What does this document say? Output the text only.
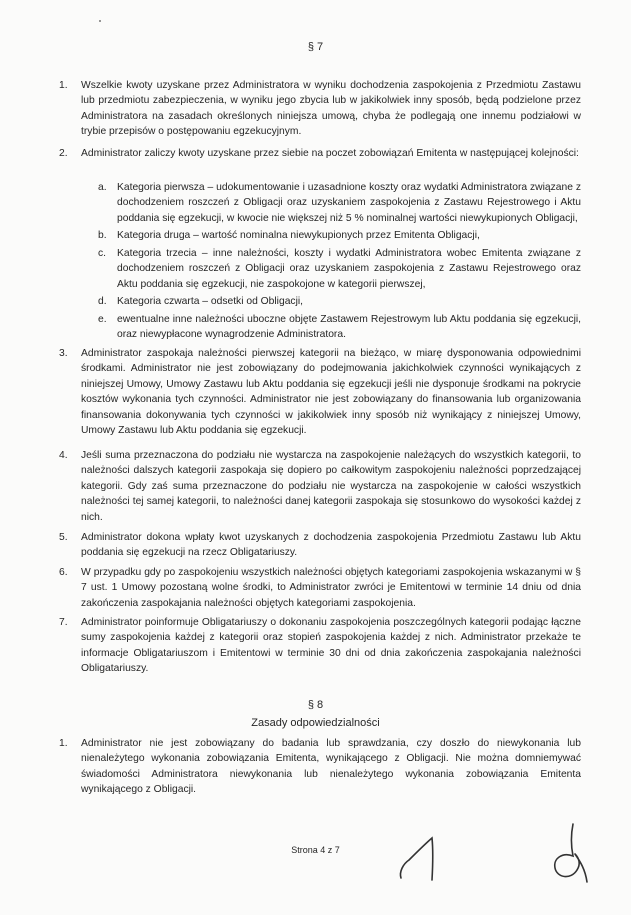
§ 7
1. Wszelkie kwoty uzyskane przez Administratora w wyniku dochodzenia zaspokojenia z Przedmiotu Zastawu lub przedmiotu zabezpieczenia, w wyniku jego zbycia lub w jakikolwiek inny sposób, będą podzielone przez Administratora na zasadach określonych niniejsza umową, chyba że podlegają one innemu podziałowi w trybie przepisów o postępowaniu egzekucyjnym.
2. Administrator zaliczy kwoty uzyskane przez siebie na poczet zobowiązań Emitenta w następującej kolejności:
a. Kategoria pierwsza – udokumentowanie i uzasadnione koszty oraz wydatki Administratora związane z dochodzeniem roszczeń z Obligacji oraz uzyskaniem zaspokojenia z Zastawu Rejestrowego i Aktu poddania się egzekucji, w kwocie nie większej niż 5 % nominalnej wartości niewykupionych Obligacji,
b. Kategoria druga – wartość nominalna niewykupionych przez Emitenta Obligacji,
c. Kategoria trzecia – inne należności, koszty i wydatki Administratora wobec Emitenta związane z dochodzeniem roszczeń z Obligacji oraz uzyskaniem zaspokojenia z Zastawu Rejestrowego oraz Aktu poddania się egzekucji, nie zaspokojone w kategorii pierwszej,
d. Kategoria czwarta – odsetki od Obligacji,
e. ewentualne inne należności uboczne objęte Zastawem Rejestrowym lub Aktu poddania się egzekucji, oraz niewypłacone wynagrodzenie Administratora.
3. Administrator zaspokaja należności pierwszej kategorii na bieżąco, w miarę dysponowania odpowiednimi środkami. Administrator nie jest zobowiązany do podejmowania jakichkolwiek czynności wynikających z niniejszej Umowy, Umowy Zastawu lub Aktu poddania się egzekucji jeśli nie dysponuje środkami na pokrycie kosztów wykonania tych czynności. Administrator nie jest zobowiązany do finansowania lub organizowania finansowania dokonywania tych czynności w jakikolwiek inny sposób niż wynikający z niniejszej Umowy, Umowy Zastawu lub Aktu poddania się egzekucji.
4. Jeśli suma przeznaczona do podziału nie wystarcza na zaspokojenie należących do wszystkich kategorii, to należności dalszych kategorii zaspokaja się dopiero po całkowitym zaspokojeniu należności poprzedzającej kategorii. Gdy zaś suma przeznaczone do podziału nie wystarcza na zaspokojenie w całości wszystkich należności tej samej kategorii, to należności danej kategorii zaspokaja się stosunkowo do wysokości każdej z nich.
5. Administrator dokona wpłaty kwot uzyskanych z dochodzenia zaspokojenia Przedmiotu Zastawu lub Aktu poddania się egzekucji na rzecz Obligatariuszy.
6. W przypadku gdy po zaspokojeniu wszystkich należności objętych kategoriami zaspokojenia wskazanymi w § 7 ust. 1 Umowy pozostaną wolne środki, to Administrator zwróci je Emitentowi w terminie 14 dniu od dnia zakończenia zaspokajania należności objętych kategoriami zaspokojenia.
7. Administrator poinformuje Obligatariuszy o dokonaniu zaspokojenia poszczególnych kategorii podając łączne sumy zaspokojenia każdej z kategorii oraz stopień zaspokojenia każdej z nich. Administrator przekaże te informacje Obligatariuszom i Emitentowi w terminie 30 dni od dnia zakończenia zaspokajania należności Obligatariuszy.
§ 8
Zasady odpowiedzialności
1. Administrator nie jest zobowiązany do badania lub sprawdzania, czy doszło do niewykonania lub nienależytego wykonania zobowiązania Emitenta, wynikającego z Obligacji. Nie można domniemywać świadomości Administratora niewykonania lub nienależytego wykonania zobowiązania Emitenta wynikającego z Obligacji.
Strona 4 z 7
